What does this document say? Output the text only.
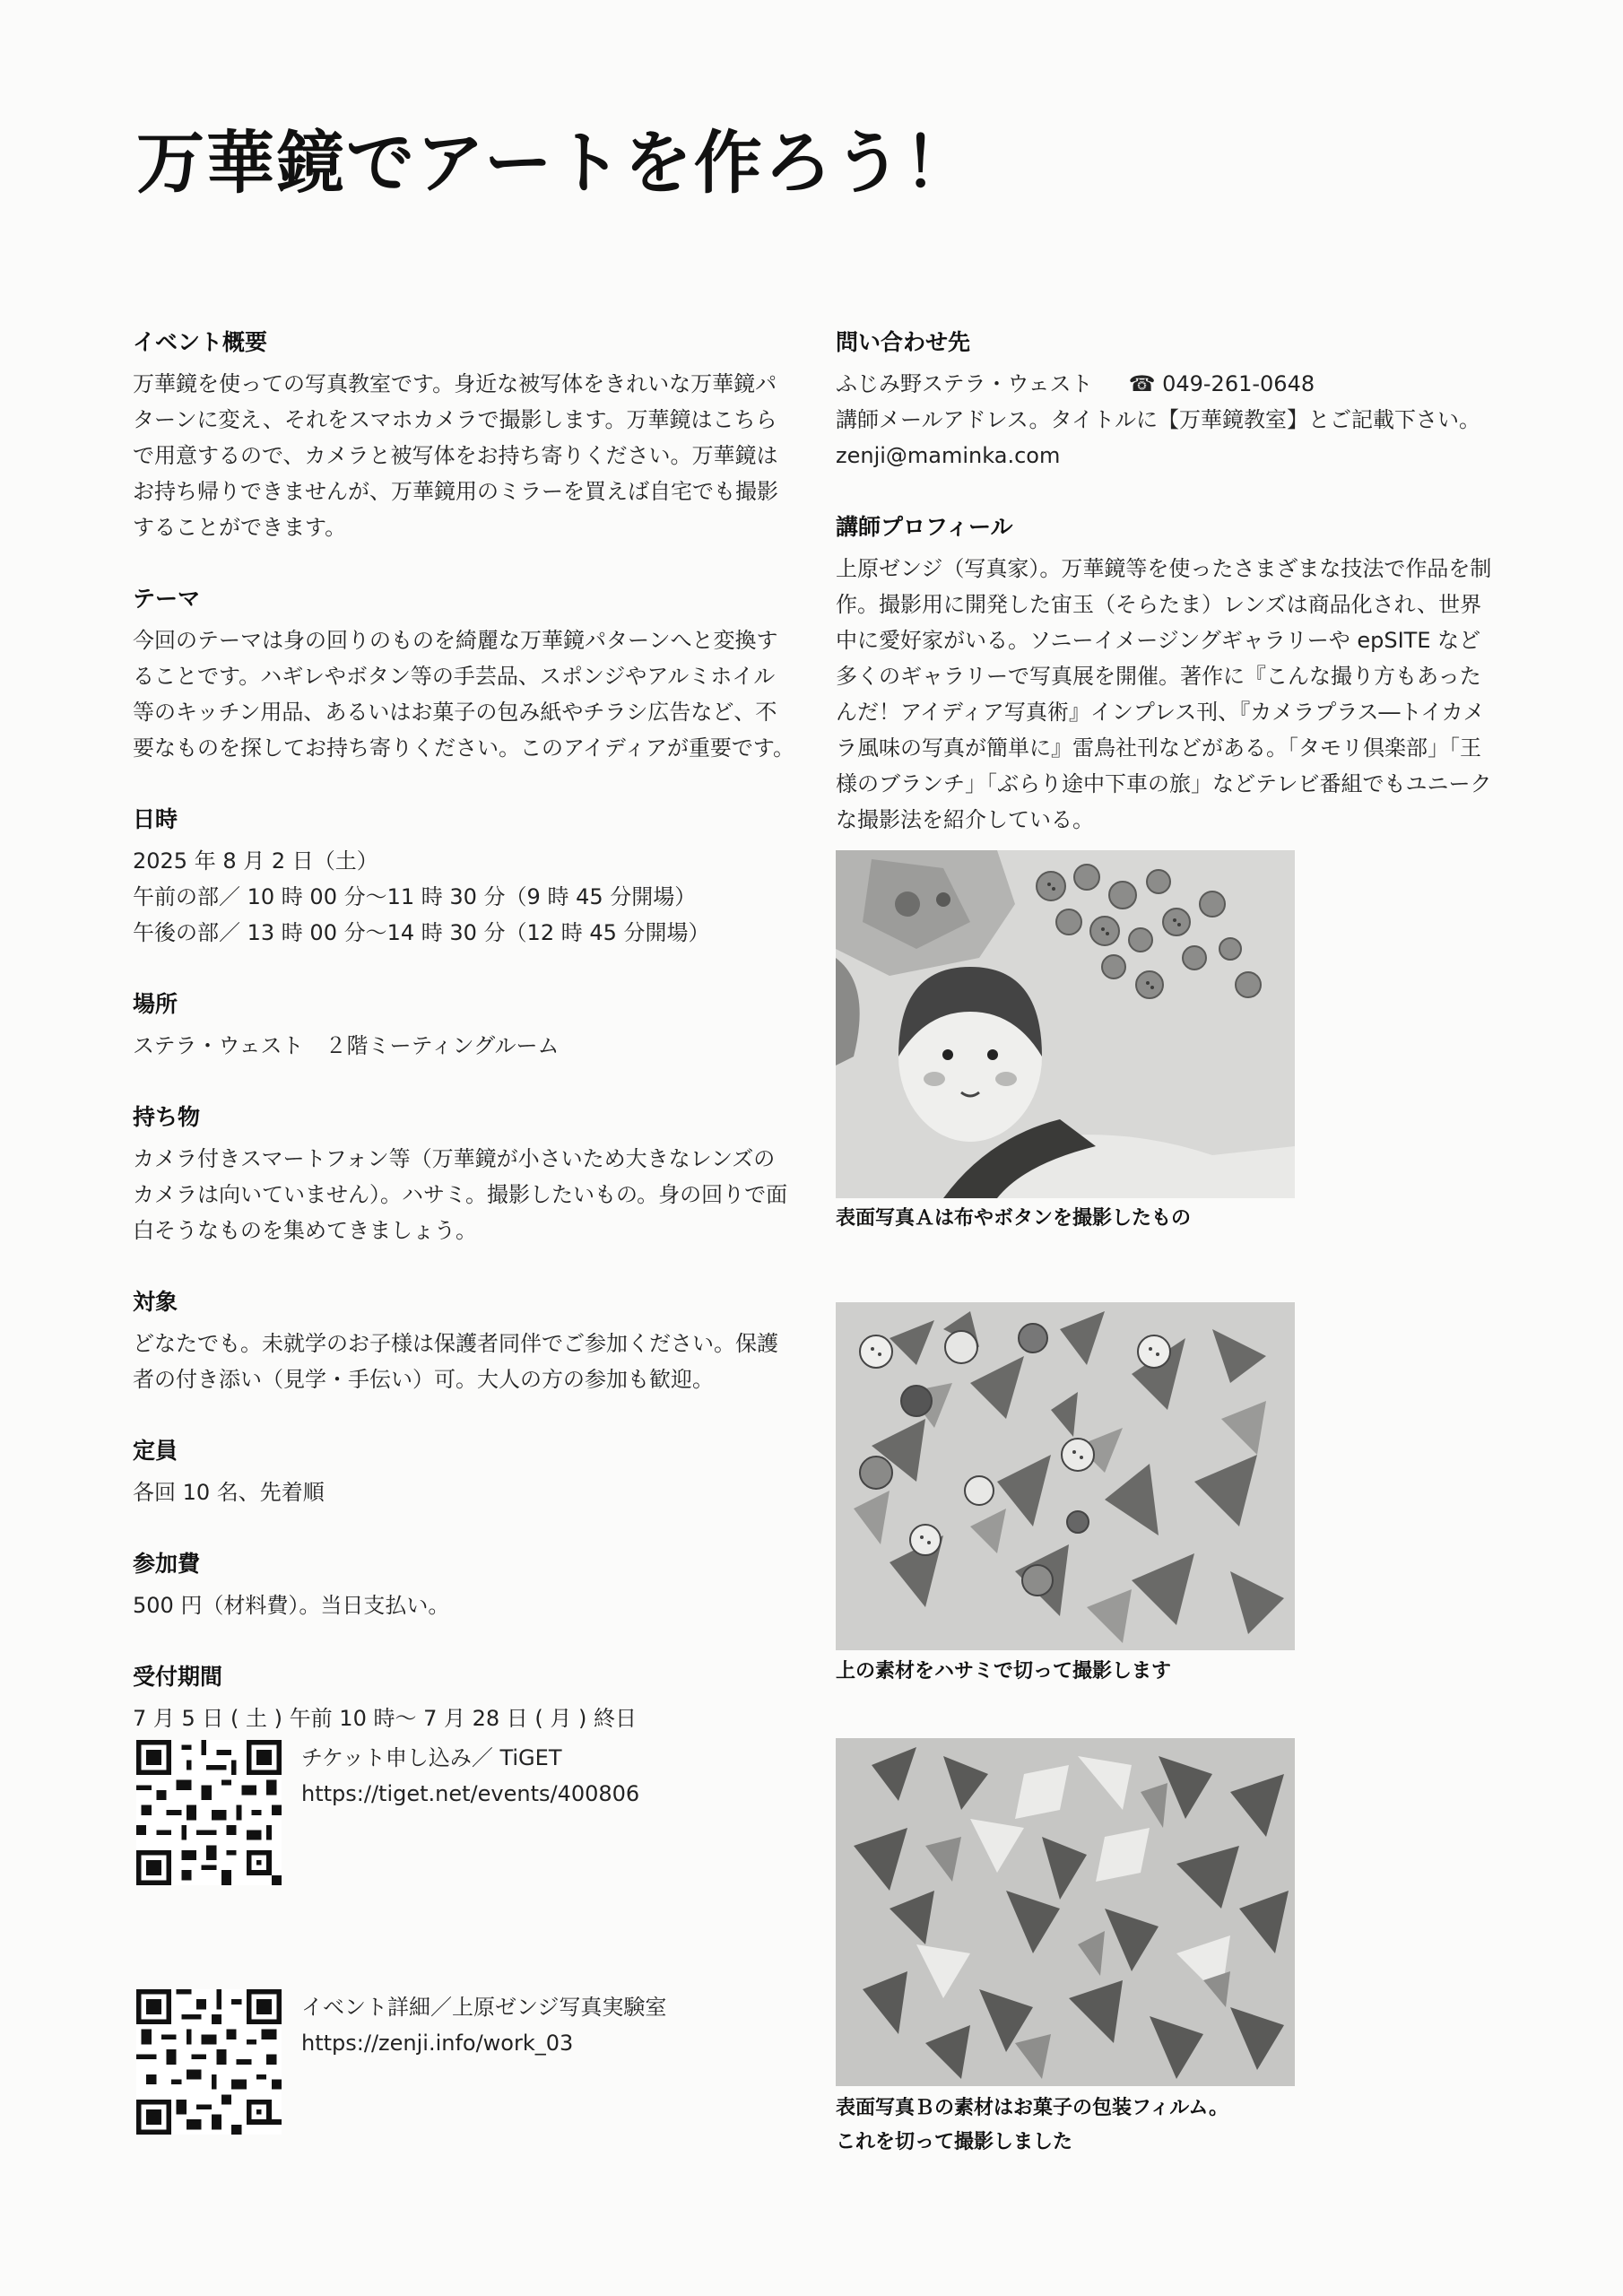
万華鏡でアートを作ろう！
イベント概要

万華鏡を使っての写真教室です。身近な被写体をきれいな万華鏡パターンに変え、それをスマホカメラで撮影します。万華鏡はこちらで用意するので、カメラと被写体をお持ち寄りください。万華鏡はお持ち帰りできませんが、万華鏡用のミラーを買えば自宅でも撮影することができます。

テーマ

今回のテーマは身の回りのものを綺麗な万華鏡パターンへと変換することです。ハギレやボタン等の手芸品、スポンジやアルミホイル等のキッチン用品、あるいはお菓子の包み紙やチラシ広告など、不要なものを探してお持ち寄りください。このアイディアが重要です。

日時
2025 年 8 月 2 日（土）
午前の部／ 10 時 00 分〜11 時 30 分（9 時 45 分開場）
午後の部／ 13 時 00 分〜14 時 30 分（12 時 45 分開場）
場所

ステラ・ウェスト　２階ミーティングルーム

持ち物

カメラ付きスマートフォン等（万華鏡が小さいため大きなレンズのカメラは向いていません）。ハサミ。撮影したいもの。身の回りで面白そうなものを集めてきましょう。

対象

どなたでも。未就学のお子様は保護者同伴でご参加ください。保護者の付き添い（見学・手伝い）可。大人の方の参加も歓迎。

定員

各回 10 名、先着順

参加費

500 円（材料費）。当日支払い。

受付期間

7 月 5 日 ( 土 ) 午前 10 時〜 7 月 28 日 ( 月 ) 終日

チケット申し込み／ TiGET
https://tiget.net/events/400806
イベント詳細／上原ゼンジ写真実験室
https://zenji.info/work_03
問い合わせ先
ふじみ野ステラ・ウェスト ☎ 049-261-0648
講師メールアドレス。タイトルに【万華鏡教室】とご記載下さい。
zenji@maminka.com
講師プロフィール

上原ゼンジ（写真家）。万華鏡等を使ったさまざまな技法で作品を制作。撮影用に開発した宙玉（そらたま）レンズは商品化され、世界中に愛好家がいる。ソニーイメージングギャラリーや epSITE など多くのギャラリーで写真展を開催。著作に『こんな撮り方もあったんだ！アイディア写真術』インプレス刊、『カメラプラス―トイカメラ風味の写真が簡単に』雷鳥社刊などがある。「タモリ倶楽部」「王様のブランチ」「ぶらり途中下車の旅」などテレビ番組でもユニークな撮影法を紹介している。

表面写真Ａは布やボタンを撮影したもの
上の素材をハサミで切って撮影します
表面写真Ｂの素材はお菓子の包装フィルム。
これを切って撮影しました
